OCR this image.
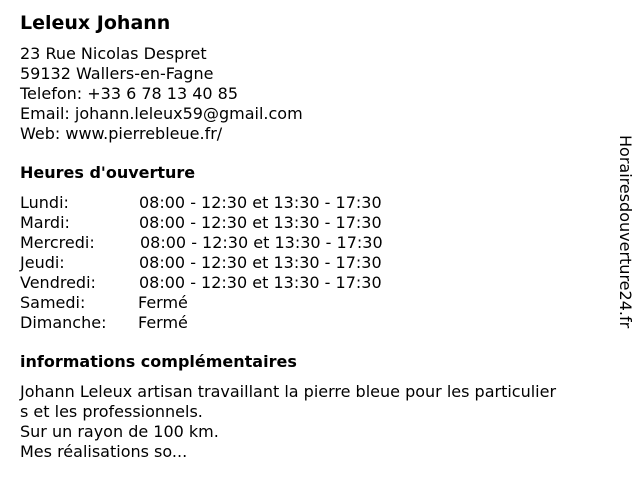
Leleux Johann
23 Rue Nicolas Despret
59132 Wallers-en-Fagne
Telefon: +33 6 78 13 40 85
Email: johann.leleux59@gmail.com
Web: www.pierrebleue.fr/
Heures d'ouverture
Lundi:	08:00 - 12:30 et 13:30 - 17:30
Mardi:	08:00 - 12:30 et 13:30 - 17:30
Mercredi:	08:00 - 12:30 et 13:30 - 17:30
Jeudi:	08:00 - 12:30 et 13:30 - 17:30
Vendredi:	08:00 - 12:30 et 13:30 - 17:30
Samedi:	Fermé
Dimanche:	Fermé
informations complémentaires
Johann Leleux artisan travaillant la pierre bleue pour les particulier
s et les professionnels.
Sur un rayon de 100 km.
Mes réalisations so...
Horairesdouverture24.fr
